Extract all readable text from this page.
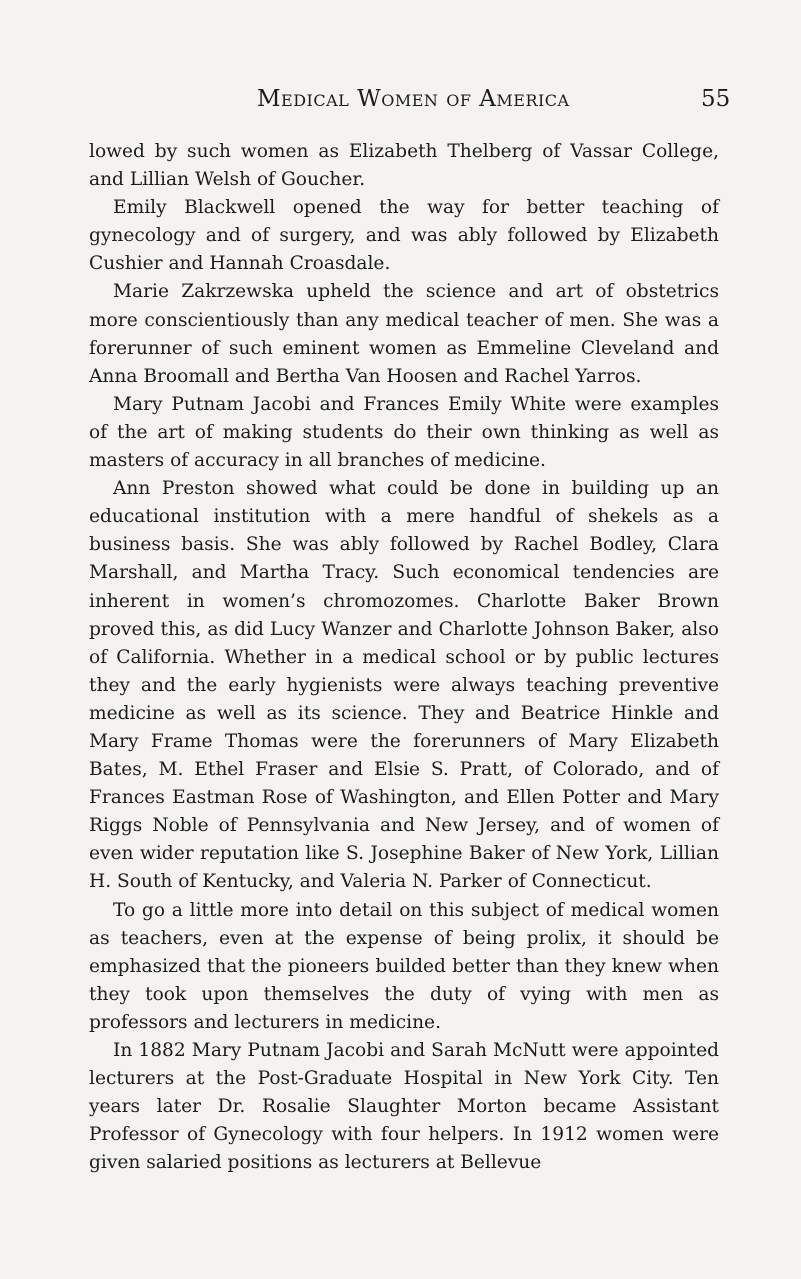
Medical Women of America	55

lowed by such women as Elizabeth Thelberg of Vassar College, and Lillian Welsh of Goucher.

Emily Blackwell opened the way for better teaching of gynecology and of surgery, and was ably followed by Elizabeth Cushier and Hannah Croasdale.

Marie Zakrzewska upheld the science and art of obstetrics more conscientiously than any medical teacher of men. She was a forerunner of such eminent women as Emmeline Cleveland and Anna Broomall and Bertha Van Hoosen and Rachel Yarros.

Mary Putnam Jacobi and Frances Emily White were examples of the art of making students do their own thinking as well as masters of accuracy in all branches of medicine.

Ann Preston showed what could be done in building up an educational institution with a mere handful of shekels as a business basis. She was ably followed by Rachel Bodley, Clara Marshall, and Martha Tracy. Such economical tendencies are inherent in women’s chromozomes. Charlotte Baker Brown proved this, as did Lucy Wanzer and Charlotte Johnson Baker, also of California. Whether in a medical school or by public lectures they and the early hygienists were always teaching preventive medicine as well as its science. They and Beatrice Hinkle and Mary Frame Thomas were the forerunners of Mary Elizabeth Bates, M. Ethel Fraser and Elsie S. Pratt, of Colorado, and of Frances Eastman Rose of Washington, and Ellen Potter and Mary Riggs Noble of Pennsylvania and New Jersey, and of women of even wider reputation like S. Josephine Baker of New York, Lillian H. South of Kentucky, and Valeria N. Parker of Connecticut.

To go a little more into detail on this subject of medical women as teachers, even at the expense of being prolix, it should be emphasized that the pioneers builded better than they knew when they took upon themselves the duty of vying with men as professors and lecturers in medicine.

In 1882 Mary Putnam Jacobi and Sarah McNutt were appointed lecturers at the Post-Graduate Hospital in New York City. Ten years later Dr. Rosalie Slaughter Morton became Assistant Professor of Gynecology with four helpers. In 1912 women were given salaried positions as lecturers at Bellevue
